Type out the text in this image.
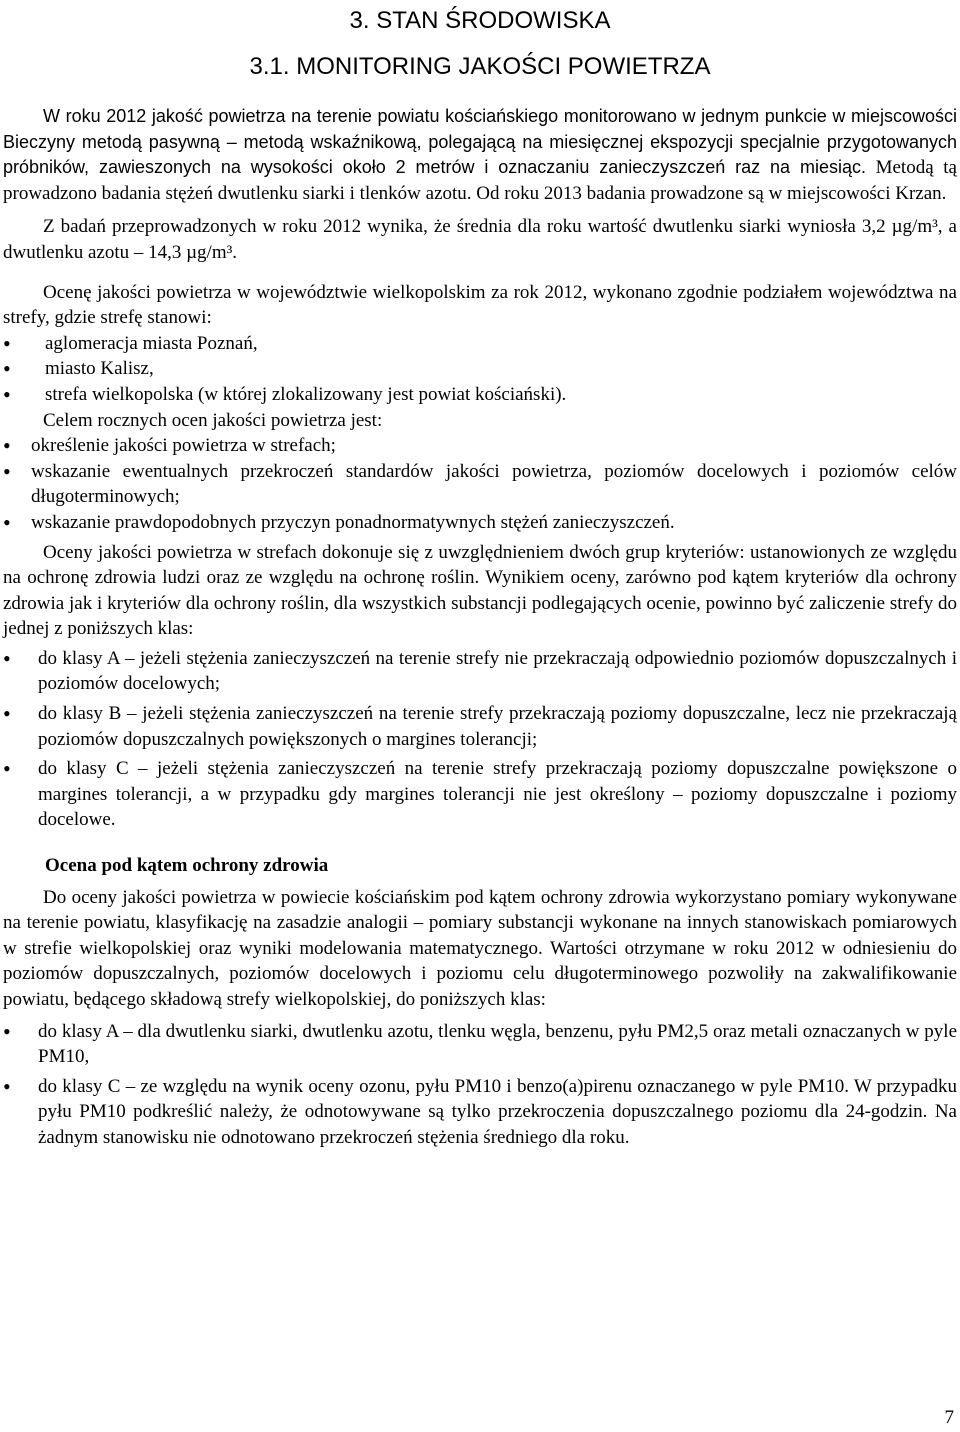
3. STAN ŚRODOWISKA
3.1. MONITORING JAKOŚCI POWIETRZA

W roku 2012 jakość powietrza na terenie powiatu kościańskiego monitorowano w jednym punkcie w miejscowości Bieczyny metodą pasywną – metodą wskaźnikową, polegającą na miesięcznej ekspozycji specjalnie przygotowanych próbników, zawieszonych na wysokości około 2 metrów i oznaczaniu zanieczyszczeń raz na miesiąc. Metodą tą prowadzono badania stężeń dwutlenku siarki i tlenków azotu. Od roku 2013 badania prowadzone są w miejscowości Krzan.

Z badań przeprowadzonych w roku 2012 wynika, że średnia dla roku wartość dwutlenku siarki wyniosła 3,2 µg/m³, a dwutlenku azotu – 14,3 µg/m³.

Ocenę jakości powietrza w województwie wielkopolskim za rok 2012, wykonano zgodnie podziałem województwa na strefy, gdzie strefę stanowi:

• aglomeracja miasta Poznań,
• miasto Kalisz,
• strefa wielkopolska (w której zlokalizowany jest powiat kościański).

Celem rocznych ocen jakości powietrza jest:

• określenie jakości powietrza w strefach;
• wskazanie ewentualnych przekroczeń standardów jakości powietrza, poziomów docelowych i poziomów celów długoterminowych;
• wskazanie prawdopodobnych przyczyn ponadnormatywnych stężeń zanieczyszczeń.

Oceny jakości powietrza w strefach dokonuje się z uwzględnieniem dwóch grup kryteriów: ustanowionych ze względu na ochronę zdrowia ludzi oraz ze względu na ochronę roślin. Wynikiem oceny, zarówno pod kątem kryteriów dla ochrony zdrowia jak i kryteriów dla ochrony roślin, dla wszystkich substancji podlegających ocenie, powinno być zaliczenie strefy do jednej z poniższych klas:

• do klasy A – jeżeli stężenia zanieczyszczeń na terenie strefy nie przekraczają odpowiednio poziomów dopuszczalnych i poziomów docelowych;
• do klasy B – jeżeli stężenia zanieczyszczeń na terenie strefy przekraczają poziomy dopuszczalne, lecz nie przekraczają poziomów dopuszczalnych powiększonych o margines tolerancji;
• do klasy C – jeżeli stężenia zanieczyszczeń na terenie strefy przekraczają poziomy dopuszczalne powiększone o margines tolerancji, a w przypadku gdy margines tolerancji nie jest określony – poziomy dopuszczalne i poziomy docelowe.
Ocena pod kątem ochrony zdrowia

Do oceny jakości powietrza w powiecie kościańskim pod kątem ochrony zdrowia wykorzystano pomiary wykonywane na terenie powiatu, klasyfikację na zasadzie analogii – pomiary substancji wykonane na innych stanowiskach pomiarowych w strefie wielkopolskiej oraz wyniki modelowania matematycznego. Wartości otrzymane w roku 2012 w odniesieniu do poziomów dopuszczalnych, poziomów docelowych i poziomu celu długoterminowego pozwoliły na zakwalifikowanie powiatu, będącego składową strefy wielkopolskiej, do poniższych klas:

• do klasy A – dla dwutlenku siarki, dwutlenku azotu, tlenku węgla, benzenu, pyłu PM2,5 oraz metali oznaczanych w pyle PM10,
• do klasy C – ze względu na wynik oceny ozonu, pyłu PM10 i benzo(a)pirenu oznaczanego w pyle PM10. W przypadku pyłu PM10 podkreślić należy, że odnotowywane są tylko przekroczenia dopuszczalnego poziomu dla 24-godzin. Na żadnym stanowisku nie odnotowano przekroczeń stężenia średniego dla roku.
7
